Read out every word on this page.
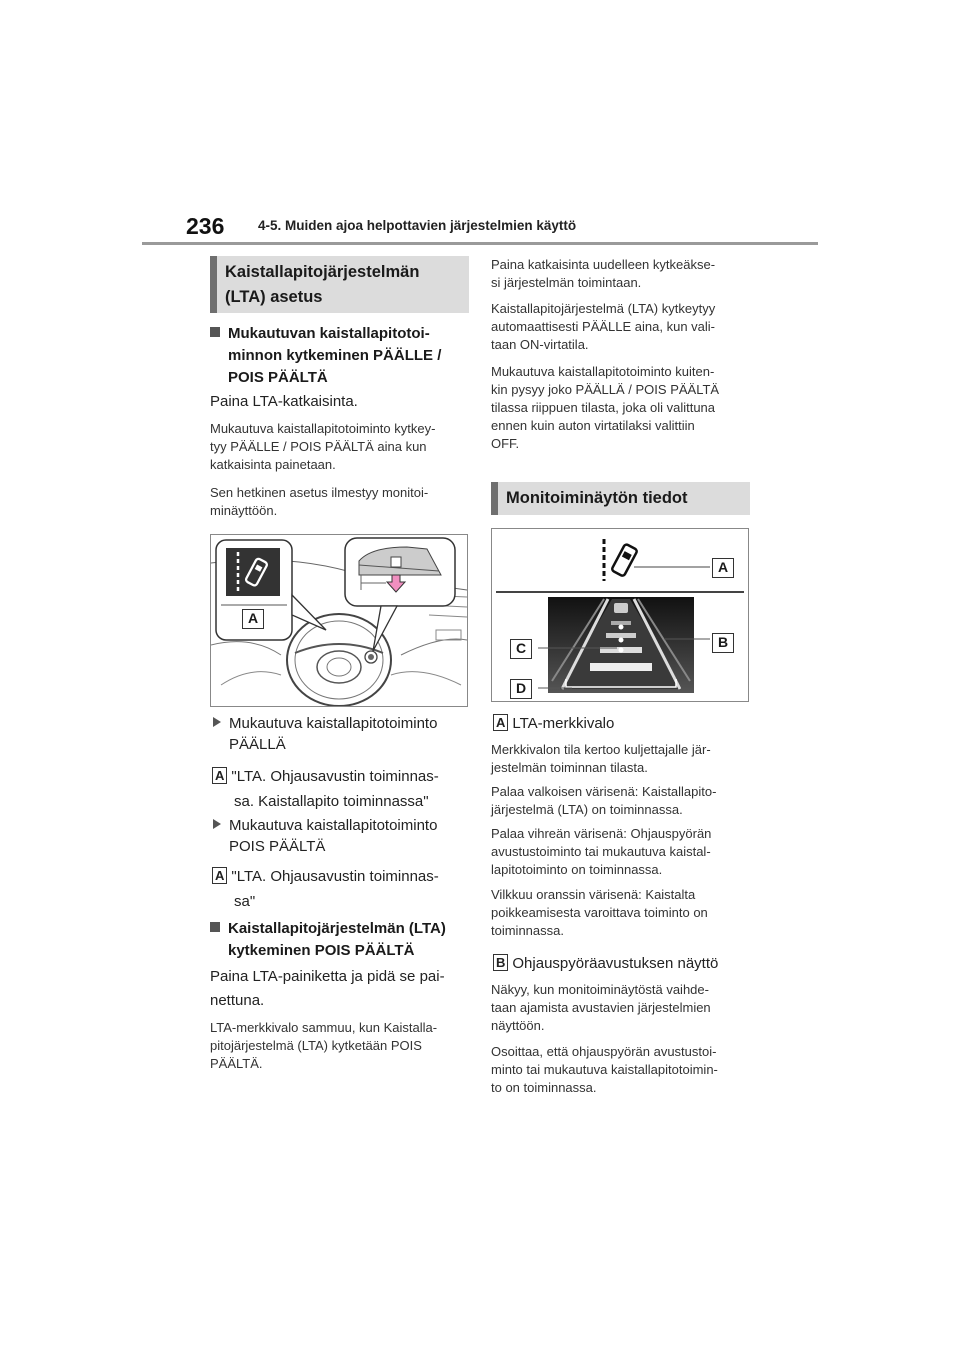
236 4-5. Muiden ajoa helpottavien järjestelmien käyttö
Kaistallapitojärjestelmän
(LTA) asetus
Mukautuvan kaistallapitotoi-
minnon kytkeminen PÄÄLLE /
POIS PÄÄLTÄ
Paina LTA-katkaisinta.
Mukautuva kaistallapitotoiminto kytkey-
tyy PÄÄLLE / POIS PÄÄLTÄ aina kun
katkaisinta painetaan.
Sen hetkinen asetus ilmestyy monitoi-
minäyttöön.
A
Mukautuva kaistallapitotoiminto
PÄÄLLÄ
A "LTA. Ohjausavustin toiminnas-
sa. Kaistallapito toiminnassa"
Mukautuva kaistallapitotoiminto
POIS PÄÄLTÄ
A "LTA. Ohjausavustin toiminnas-
sa"
Kaistallapitojärjestelmän (LTA)
kytkeminen POIS PÄÄLTÄ
Paina LTA-painiketta ja pidä se pai-
nettuna.
LTA-merkkivalo sammuu, kun Kaistalla-
pitojärjestelmä (LTA) kytketään POIS
PÄÄLTÄ.
Paina katkaisinta uudelleen kytkeäkse-
si järjestelmän toimintaan.
Kaistallapitojärjestelmä (LTA) kytkeytyy
automaattisesti PÄÄLLE aina, kun vali-
taan ON-virtatila.
Mukautuva kaistallapitotoiminto kuiten-
kin pysyy joko PÄÄLLÄ / POIS PÄÄLTÄ
tilassa riippuen tilasta, joka oli valittuna
ennen kuin auton virtatilaksi valittiin
OFF.
Monitoiminäytön tiedot
A
B
C
D
A LTA-merkkivalo
Merkkivalon tila kertoo kuljettajalle jär-
jestelmän toiminnan tilasta.
Palaa valkoisen värisenä: Kaistallapito-
järjestelmä (LTA) on toiminnassa.
Palaa vihreän värisenä: Ohjauspyörän
avustustoiminto tai mukautuva kaistal-
lapitotoiminto on toiminnassa.
Vilkkuu oranssin värisenä: Kaistalta
poikkeamisesta varoittava toiminto on
toiminnassa.
B Ohjauspyöräavustuksen näyttö
Näkyy, kun monitoiminäytöstä vaihde-
taan ajamista avustavien järjestelmien
näyttöön.
Osoittaa, että ohjauspyörän avustustoi-
minto tai mukautuva kaistallapitotoimin-
to on toiminnassa.
